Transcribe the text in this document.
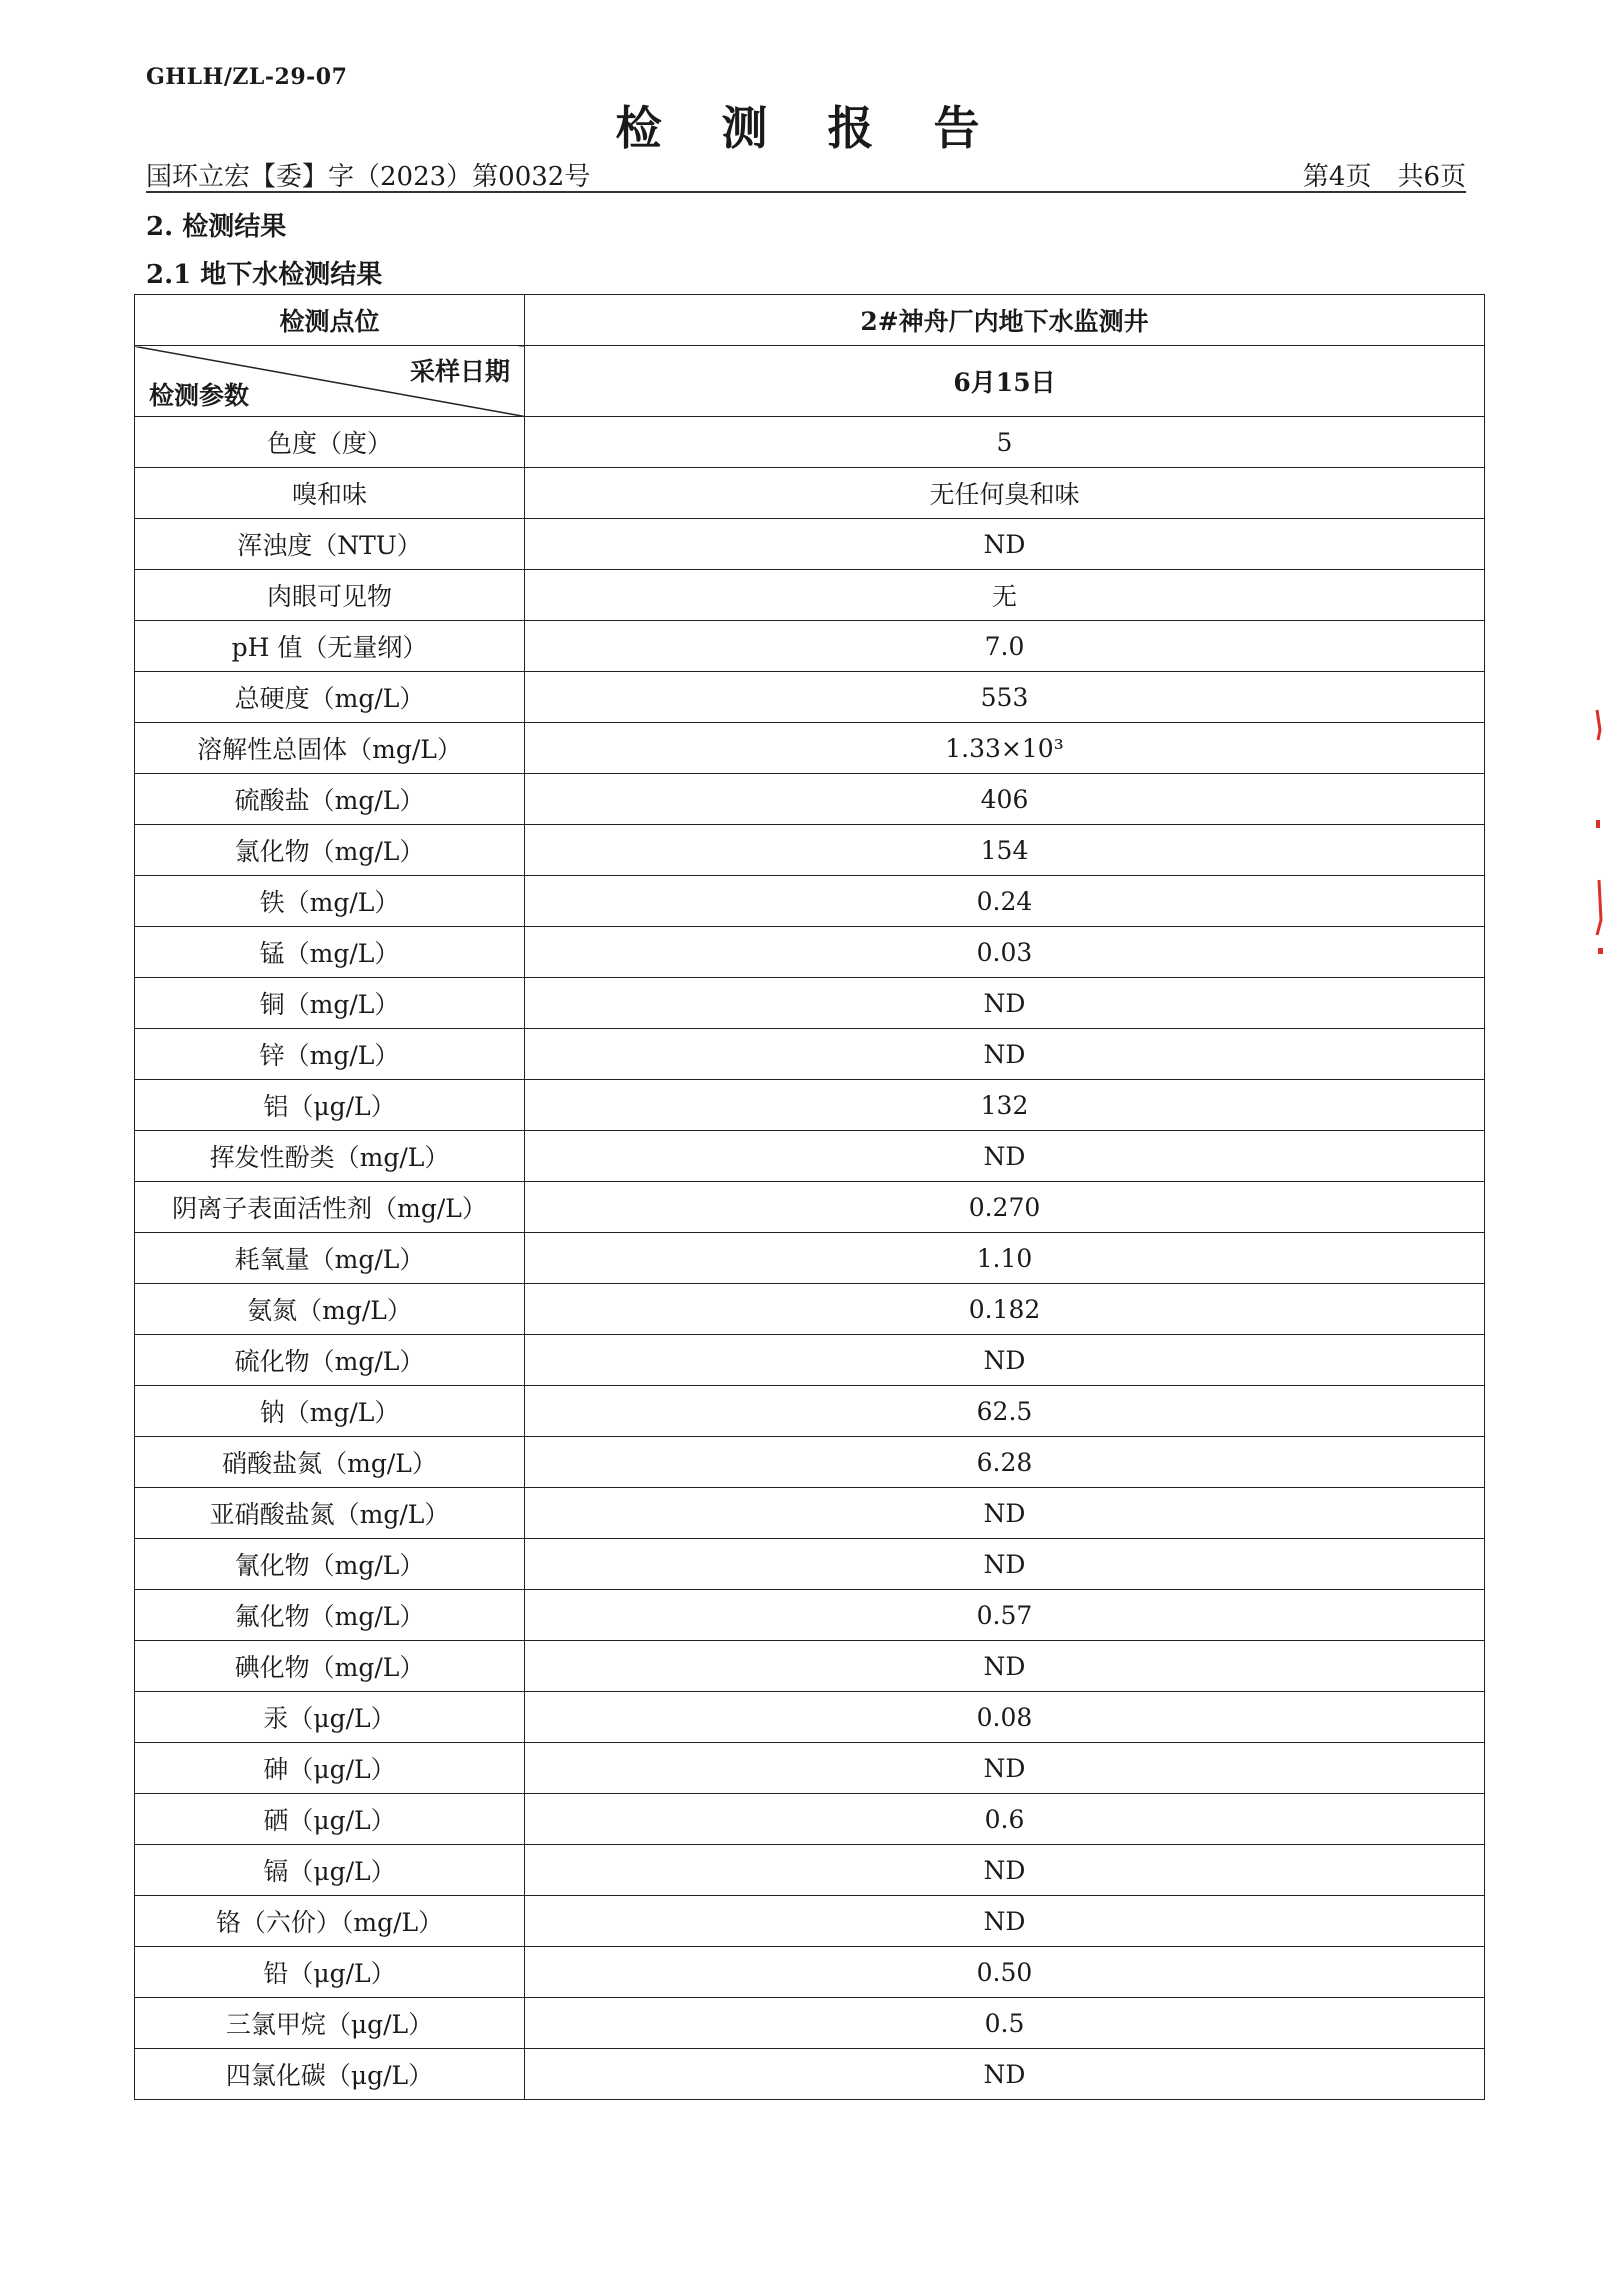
GHLH/ZL-29-07
检 测 报 告
国环立宏【委】字（2023）第0032号	第4页　共6页
2. 检测结果
2.1 地下水检测结果
检测点位	2#神舟厂内地下水监测井

采样日期
检测参数	6月15日
色度（度）	5
嗅和味	无任何臭和味
浑浊度（NTU）	ND
肉眼可见物	无
pH 值（无量纲）	7.0
总硬度（mg/L）	553
溶解性总固体（mg/L）	1.33×10³
硫酸盐（mg/L）	406
氯化物（mg/L）	154
铁（mg/L）	0.24
锰（mg/L）	0.03
铜（mg/L）	ND
锌（mg/L）	ND
铝（μg/L）	132
挥发性酚类（mg/L）	ND
阴离子表面活性剂（mg/L）	0.270
耗氧量（mg/L）	1.10
氨氮（mg/L）	0.182
硫化物（mg/L）	ND
钠（mg/L）	62.5
硝酸盐氮（mg/L）	6.28
亚硝酸盐氮（mg/L）	ND
氰化物（mg/L）	ND
氟化物（mg/L）	0.57
碘化物（mg/L）	ND
汞（μg/L）	0.08
砷（μg/L）	ND
硒（μg/L）	0.6
镉（μg/L）	ND
铬（六价）（mg/L）	ND
铅（μg/L）	0.50
三氯甲烷（μg/L）	0.5
四氯化碳（μg/L）	ND
